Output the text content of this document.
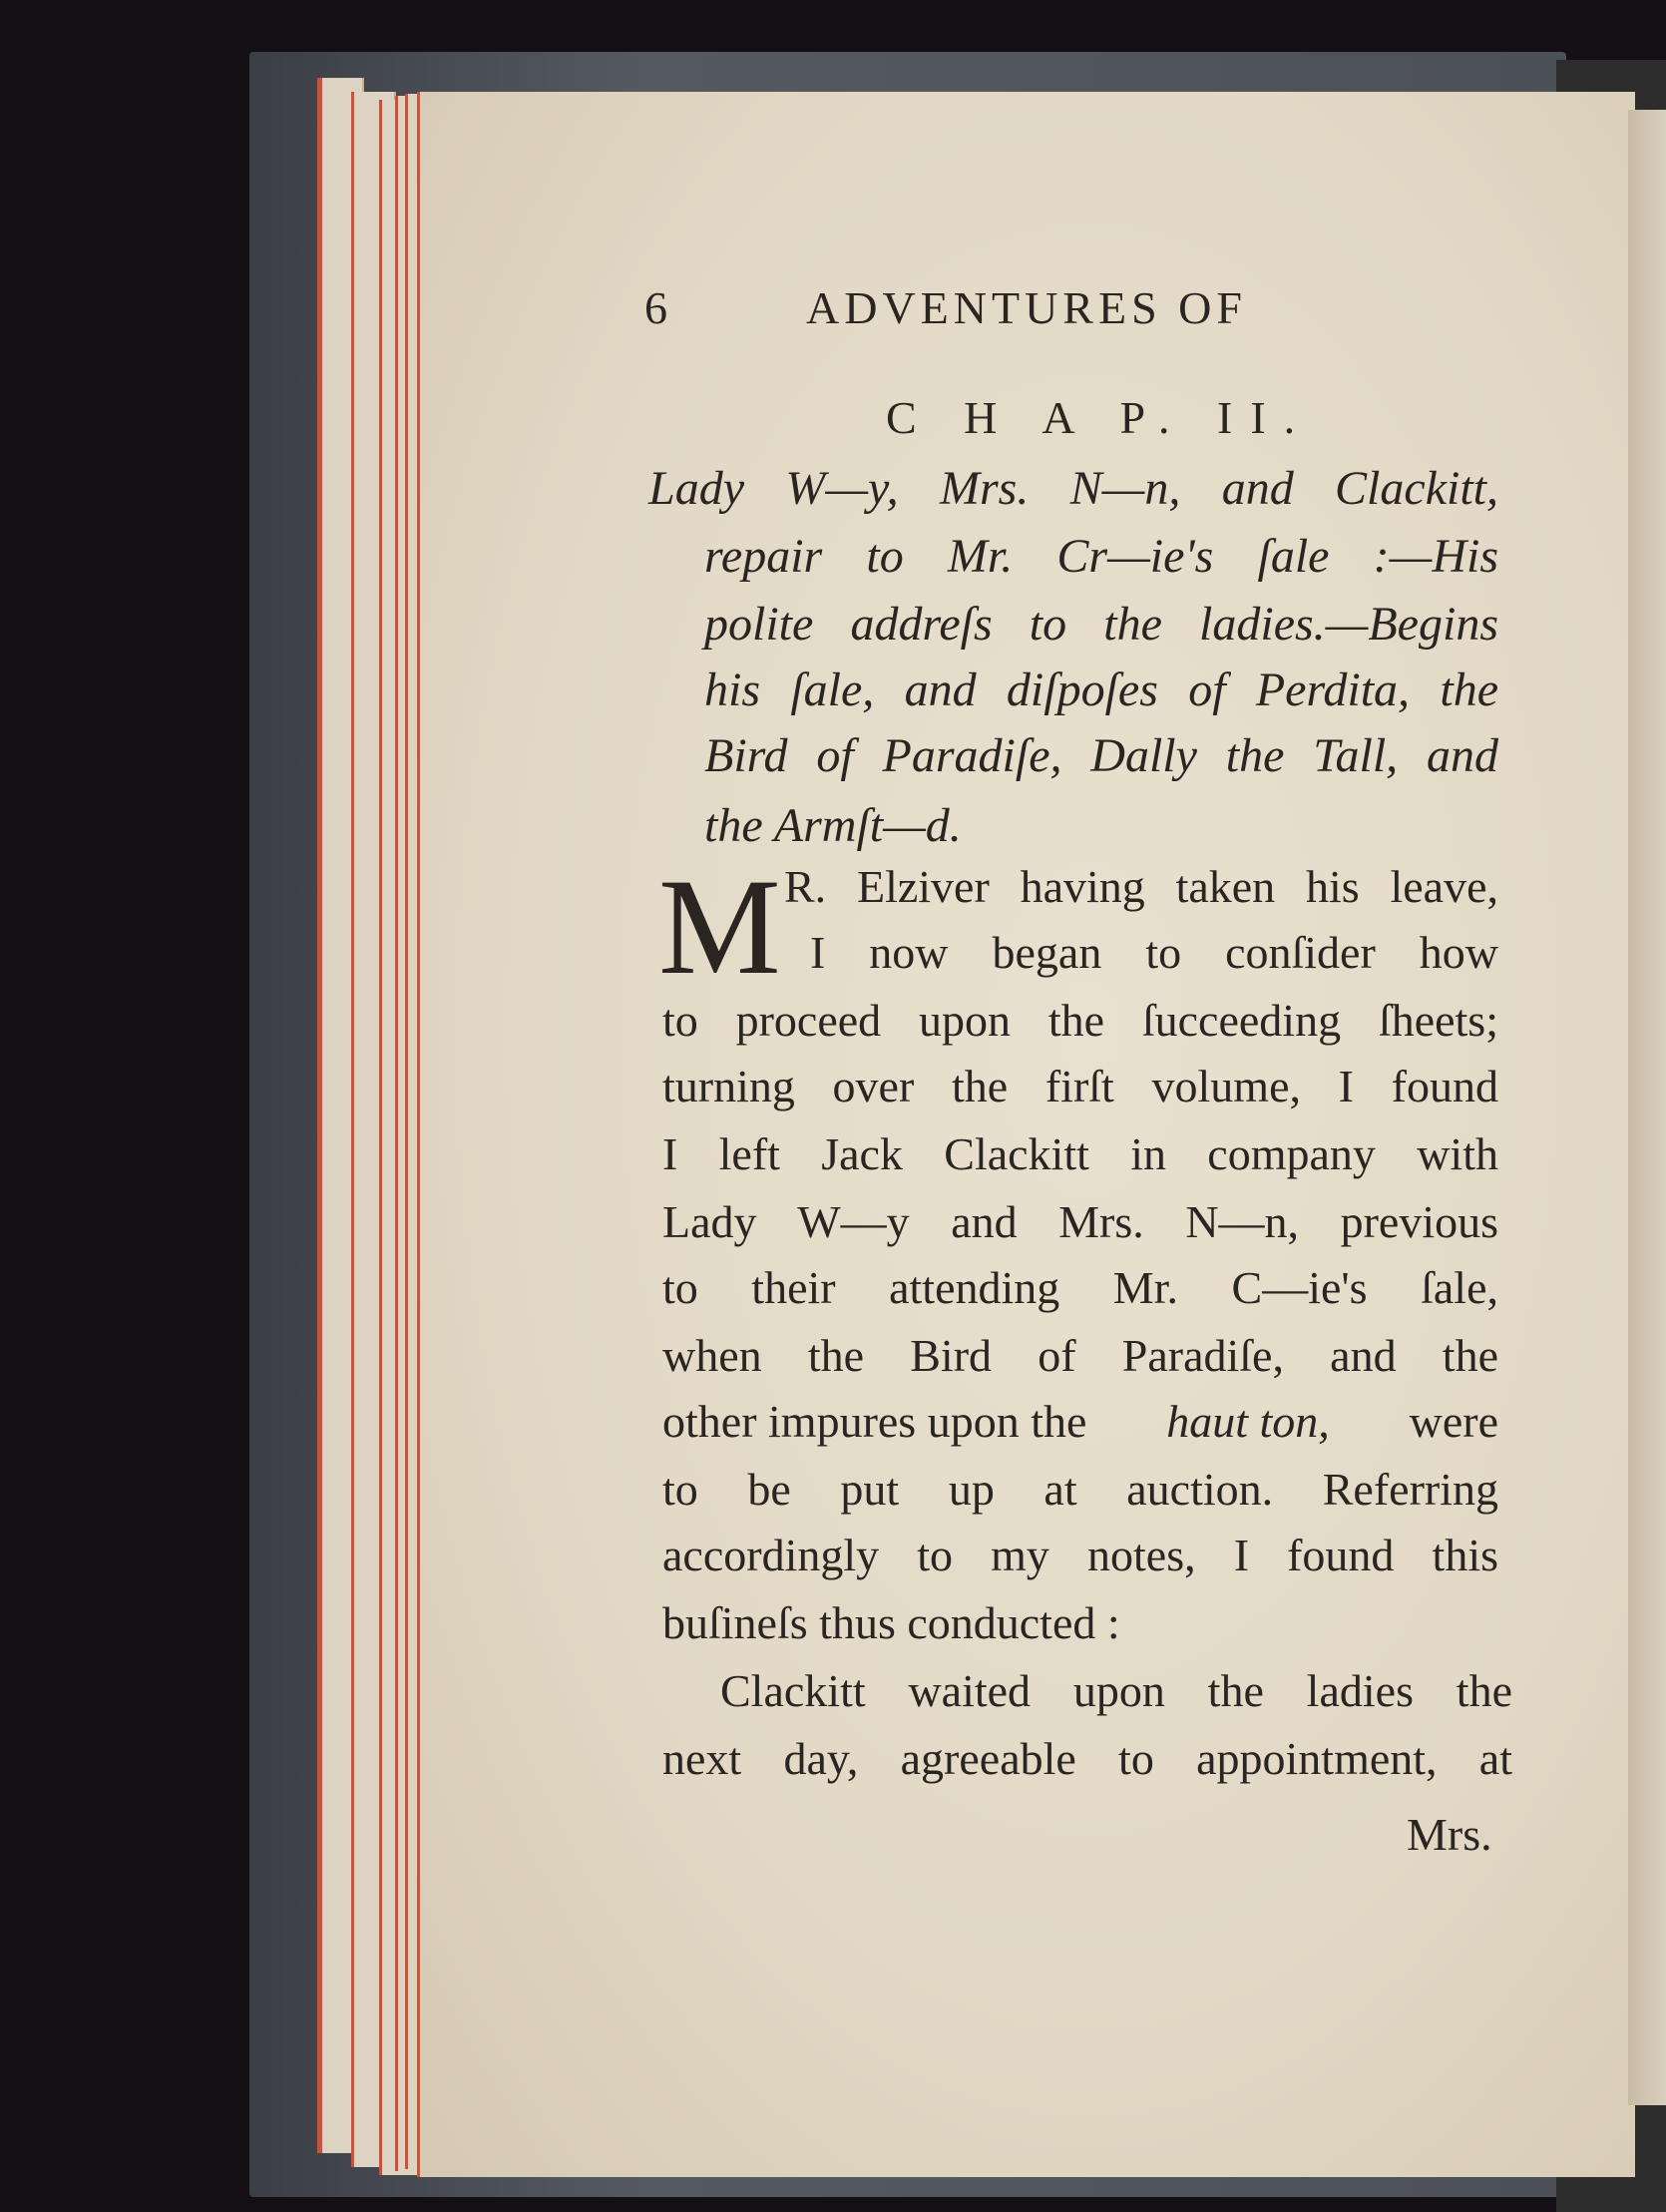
6	ADVENTURES OF
C H A P. II.
Lady W—y, Mrs. N—n, and Clackitt,
repair to Mr. Cr—ie's ſale :—His
polite addreſs to the ladies.—Begins
his ſale, and diſpoſes of Perdita, the
Bird of Paradiſe, Dally the Tall, and
the Armſt—d.
M R. Elziver having taken his leave,
I now began to conſider how
to proceed upon the ſucceeding ſheets;
turning over the firſt volume, I found
I left Jack Clackitt in company with
Lady W—y and Mrs. N—n, previous
to their attending Mr. C—ie's ſale,
when the Bird of Paradiſe, and the
other impures upon the haut ton, were
to be put up at auction. Referring
accordingly to my notes, I found this
buſineſs thus conducted :
Clackitt waited upon the ladies the
next day, agreeable to appointment, at
Mrs.
